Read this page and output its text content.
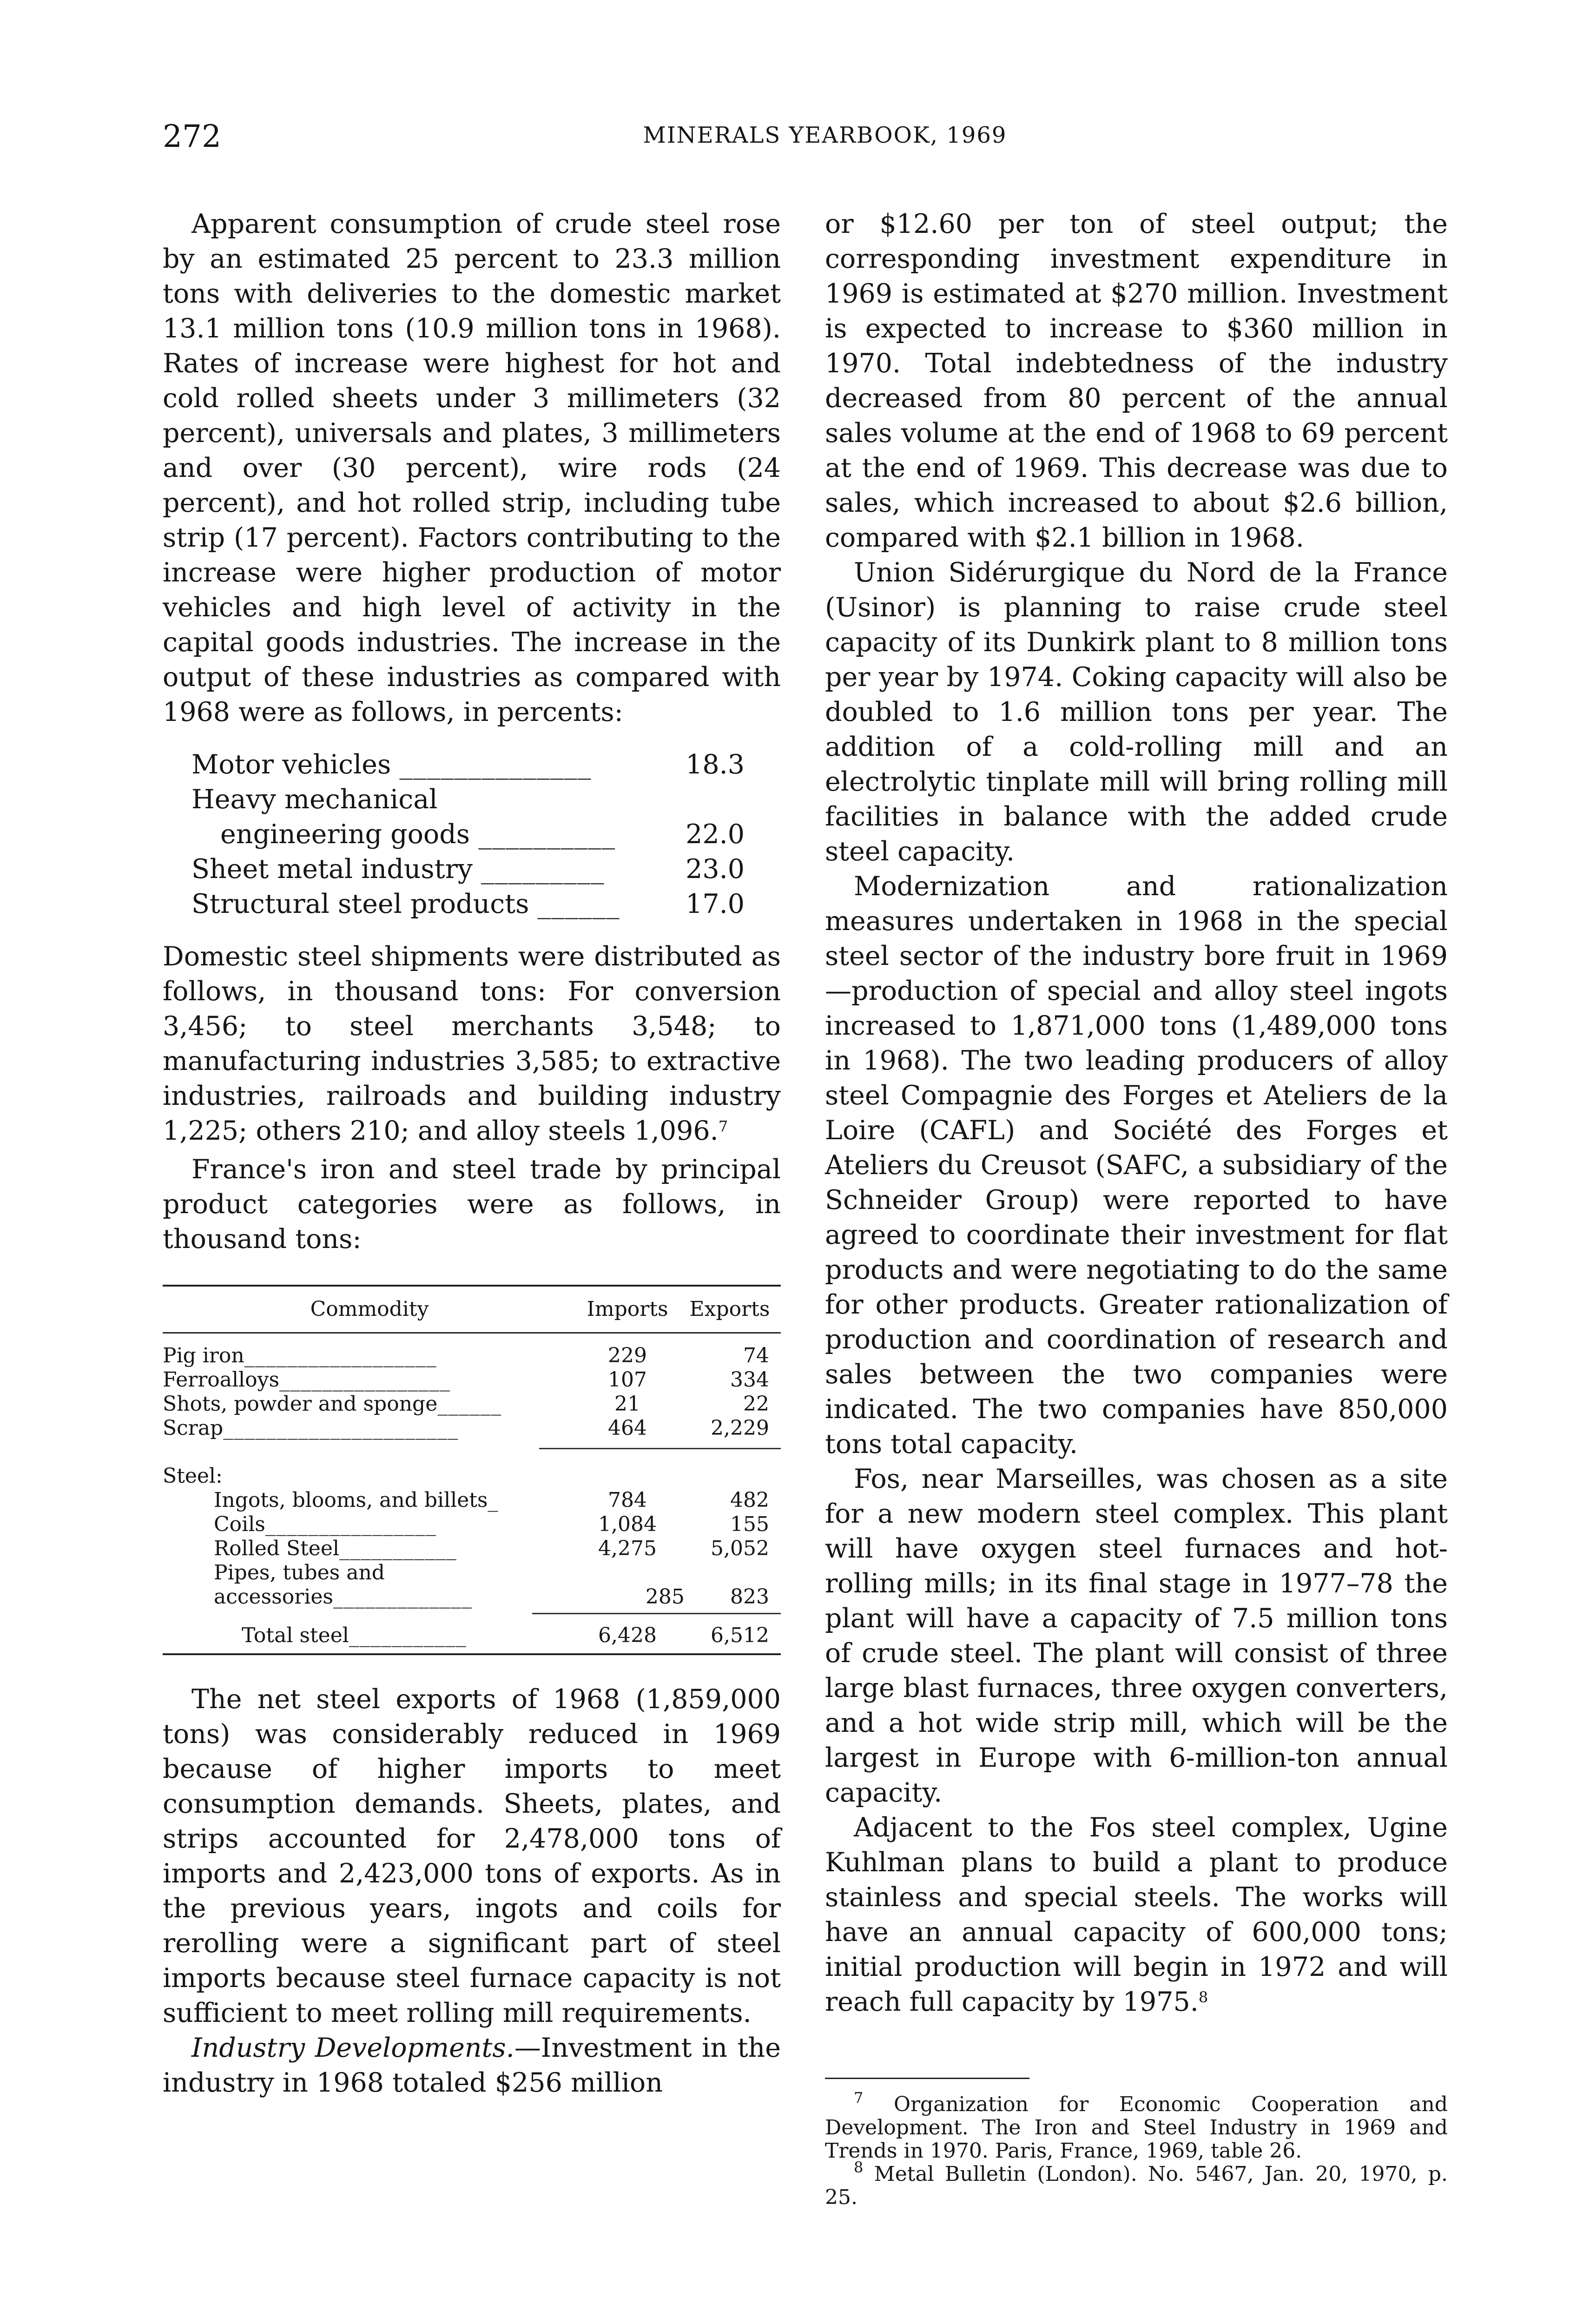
272	MINERALS YEARBOOK, 1969

Apparent consumption of crude steel rose by an estimated 25 percent to 23.3 million tons with deliveries to the domestic market 13.1 million tons (10.9 million tons in 1968). Rates of increase were highest for hot and cold rolled sheets under 3 millimeters (32 percent), universals and plates, 3 millimeters and over (30 percent), wire rods (24 percent), and hot rolled strip, including tube strip (17 percent). Factors contributing to the increase were higher production of motor vehicles and high level of activity in the capital goods industries. The increase in the output of these industries as compared with 1968 were as follows, in percents:

Motor vehicles ______________	18.3
Heavy mechanical
engineering goods __________	22.0
Sheet metal industry _________	23.0
Structural steel products ______	17.0

Domestic steel shipments were distributed as follows, in thousand tons: For conversion 3,456; to steel merchants 3,548; to manufacturing industries 3,585; to extractive industries, railroads and building industry 1,225; others 210; and alloy steels 1,096.$^7$

France's iron and steel trade by principal product categories were as follows, in thousand tons:

Commodity	Imports	Exports
Pig iron__________________	229	74
Ferroalloys________________	107	334
Shots, powder and sponge______	21	22
Scrap______________________	464	2,229
Steel:
Ingots, blooms, and billets_	784	482
Coils________________	1,084	155
Rolled Steel___________	4,275	5,052
Pipes, tubes and accessories_____________	285	823
Total steel___________	6,428	6,512

The net steel exports of 1968 (1,859,000 tons) was considerably reduced in 1969 because of higher imports to meet consumption demands. Sheets, plates, and strips accounted for 2,478,000 tons of imports and 2,423,000 tons of exports. As in the previous years, ingots and coils for rerolling were a significant part of steel imports because steel furnace capacity is not sufficient to meet rolling mill requirements.

Industry Developments.—Investment in the industry in 1968 totaled $256 million

or $12.60 per ton of steel output; the corresponding investment expenditure in 1969 is estimated at $270 million. Investment is expected to increase to $360 million in 1970. Total indebtedness of the industry decreased from 80 percent of the annual sales volume at the end of 1968 to 69 percent at the end of 1969. This decrease was due to sales, which increased to about $2.6 billion, compared with $2.1 billion in 1968.

Union Sidérurgique du Nord de la France (Usinor) is planning to raise crude steel capacity of its Dunkirk plant to 8 million tons per year by 1974. Coking capacity will also be doubled to 1.6 million tons per year. The addition of a cold-rolling mill and an electrolytic tinplate mill will bring rolling mill facilities in balance with the added crude steel capacity.

Modernization and rationalization measures undertaken in 1968 in the special steel sector of the industry bore fruit in 1969—production of special and alloy steel ingots increased to 1,871,000 tons (1,489,000 tons in 1968). The two leading producers of alloy steel Compagnie des Forges et Ateliers de la Loire (CAFL) and Société des Forges et Ateliers du Creusot (SAFC, a subsidiary of the Schneider Group) were reported to have agreed to coordinate their investment for flat products and were negotiating to do the same for other products. Greater rationalization of production and coordination of research and sales between the two companies were indicated. The two companies have 850,000 tons total capacity.

Fos, near Marseilles, was chosen as a site for a new modern steel complex. This plant will have oxygen steel furnaces and hot-rolling mills; in its final stage in 1977–78 the plant will have a capacity of 7.5 million tons of crude steel. The plant will consist of three large blast furnaces, three oxygen converters, and a hot wide strip mill, which will be the largest in Europe with 6-million-ton annual capacity.

Adjacent to the Fos steel complex, Ugine Kuhlman plans to build a plant to produce stainless and special steels. The works will have an annual capacity of 600,000 tons; initial production will begin in 1972 and will reach full capacity by 1975.$^8$

$^7$ Organization for Economic Cooperation and Development. The Iron and Steel Industry in 1969 and Trends in 1970. Paris, France, 1969, table 26.

$^8$ Metal Bulletin (London). No. 5467, Jan. 20, 1970, p. 25.
